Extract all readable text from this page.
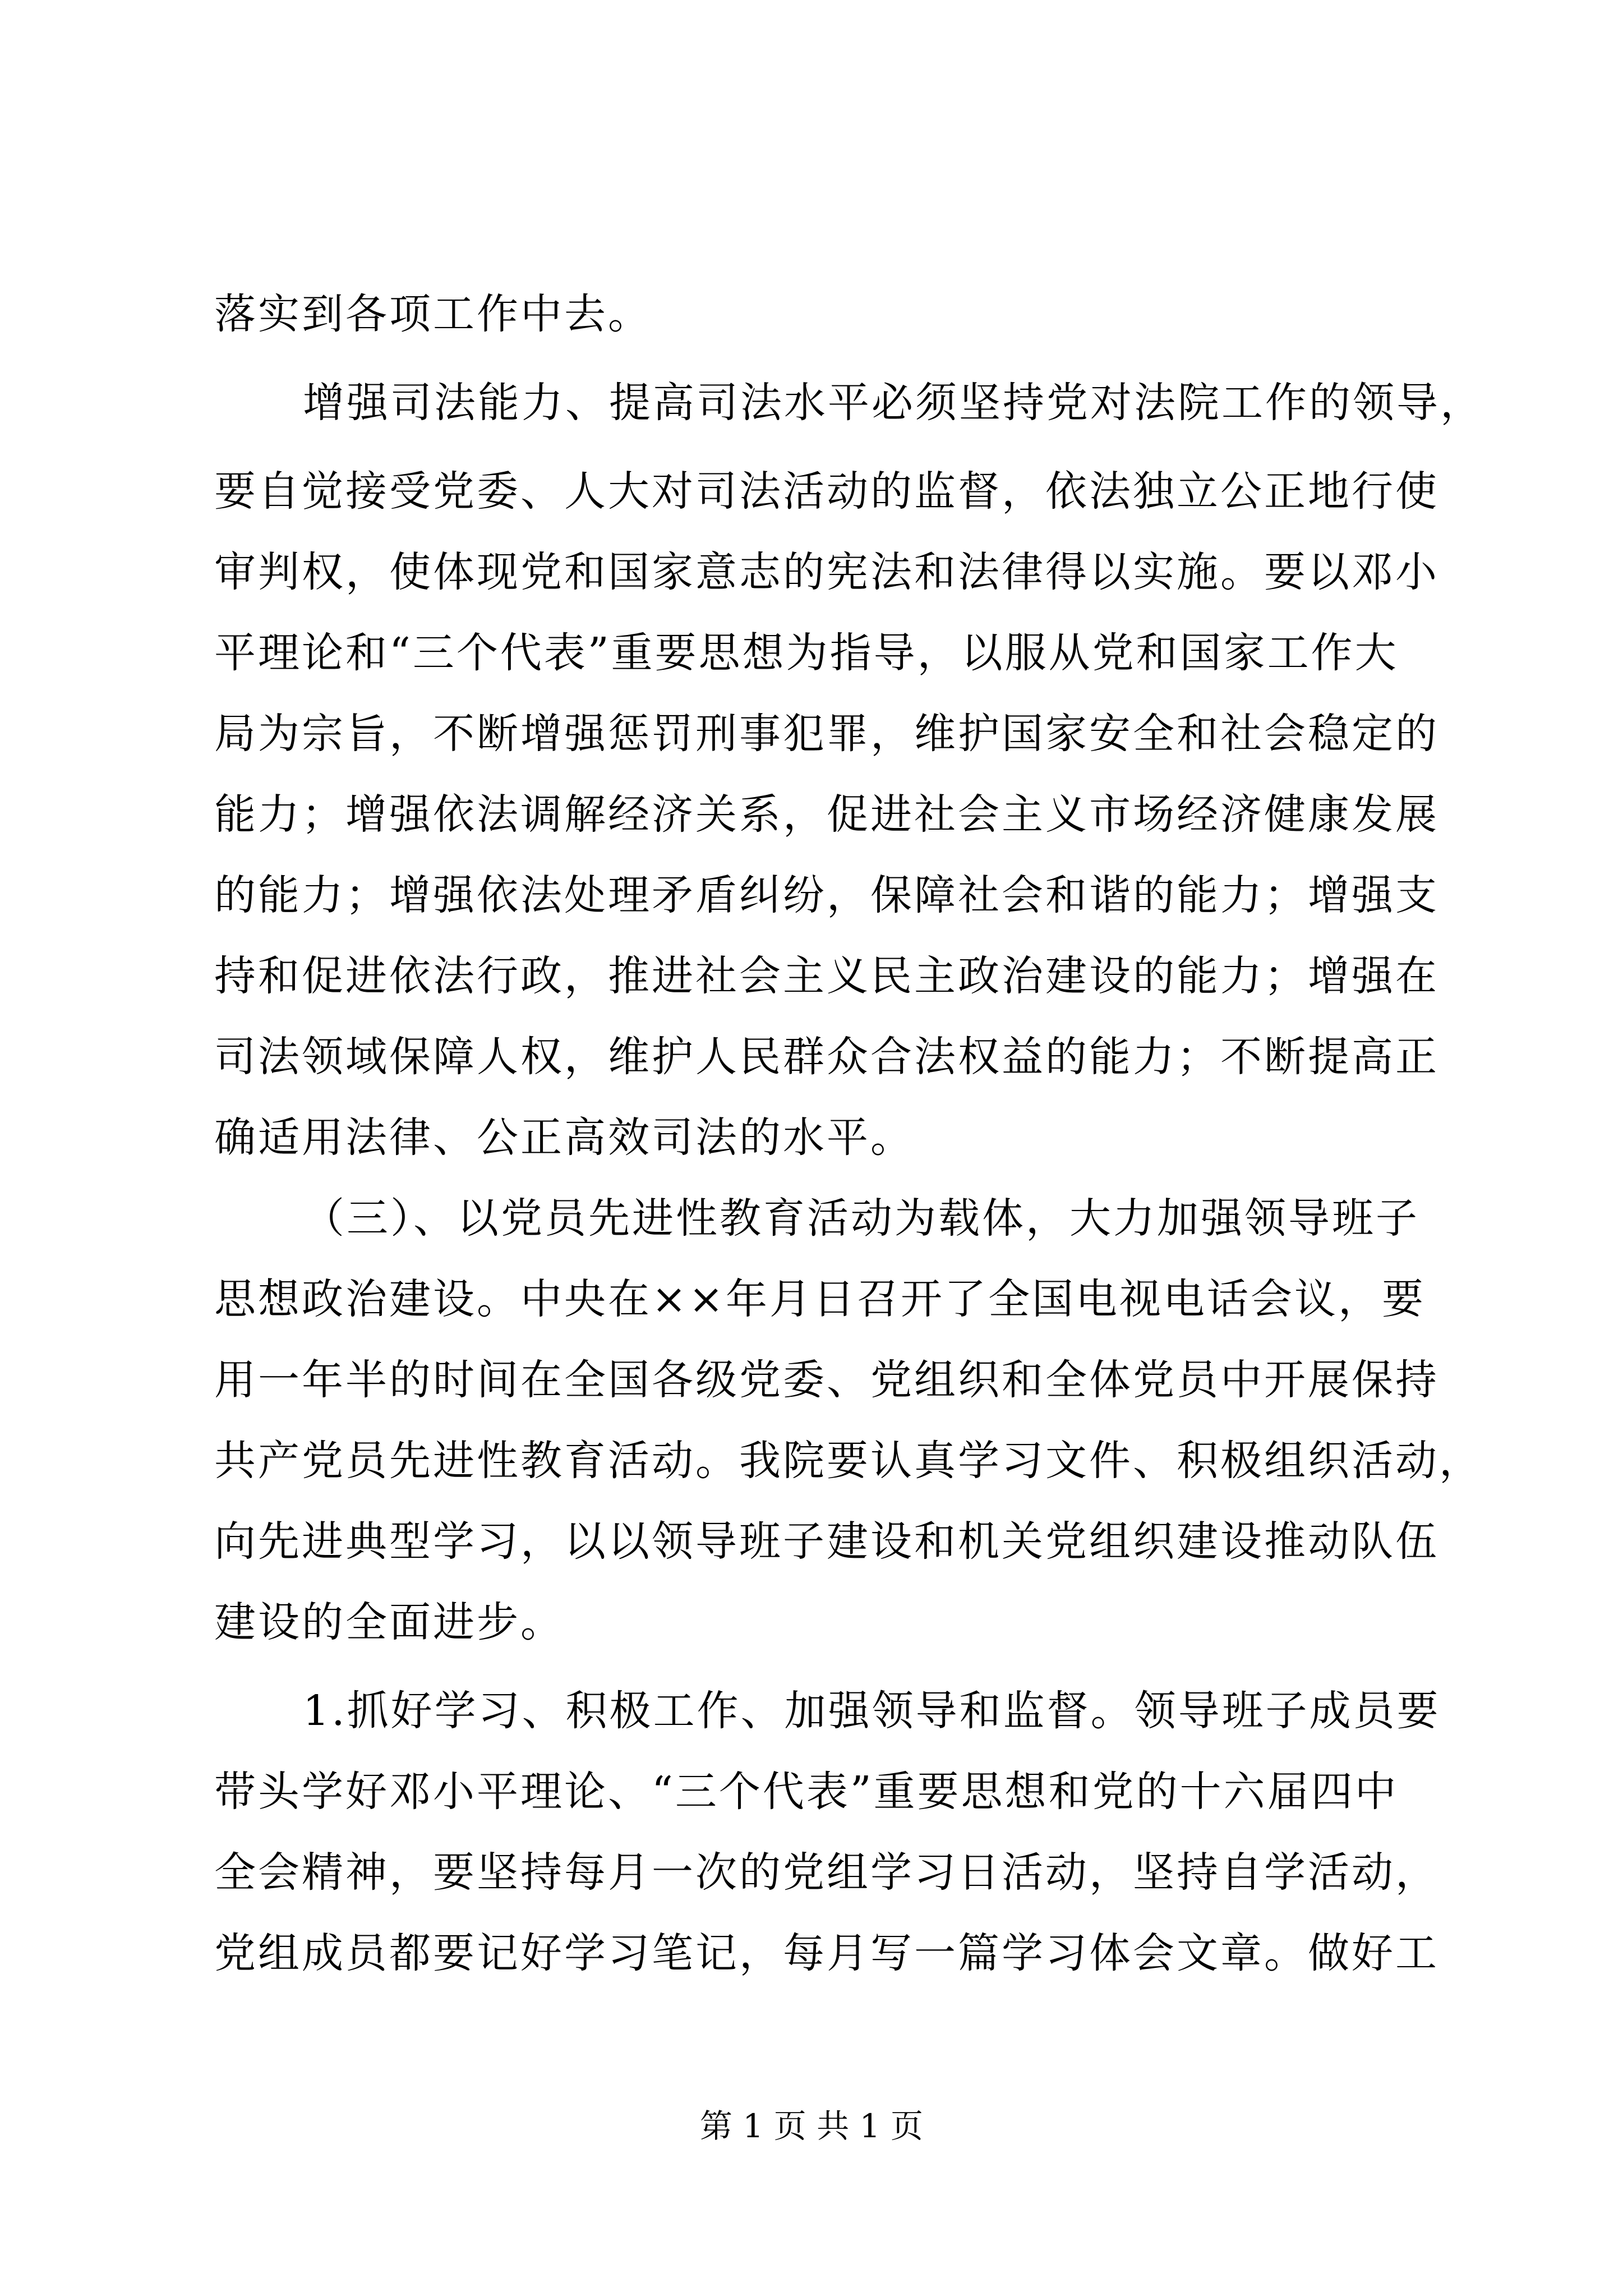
落实到各项工作中去。
增强司法能力、提高司法水平必须坚持党对法院工作的领导，
要自觉接受党委、人大对司法活动的监督，依法独立公正地行使
审判权，使体现党和国家意志的宪法和法律得以实施。要以邓小
平理论和“三个代表”重要思想为指导，以服从党和国家工作大
局为宗旨，不断增强惩罚刑事犯罪，维护国家安全和社会稳定的
能力；增强依法调解经济关系，促进社会主义市场经济健康发展
的能力；增强依法处理矛盾纠纷，保障社会和谐的能力；增强支
持和促进依法行政，推进社会主义民主政治建设的能力；增强在
司法领域保障人权，维护人民群众合法权益的能力；不断提高正
确适用法律、公正高效司法的水平。
（三）、以党员先进性教育活动为载体，大力加强领导班子
思想政治建设。中央在××年月日召开了全国电视电话会议，要
用一年半的时间在全国各级党委、党组织和全体党员中开展保持
共产党员先进性教育活动。我院要认真学习文件、积极组织活动，
向先进典型学习，以以领导班子建设和机关党组织建设推动队伍
建设的全面进步。
1.抓好学习、积极工作、加强领导和监督。领导班子成员要
带头学好邓小平理论、“三个代表”重要思想和党的十六届四中
全会精神，要坚持每月一次的党组学习日活动，坚持自学活动，
党组成员都要记好学习笔记，每月写一篇学习体会文章。做好工
第 1 页 共 1 页
